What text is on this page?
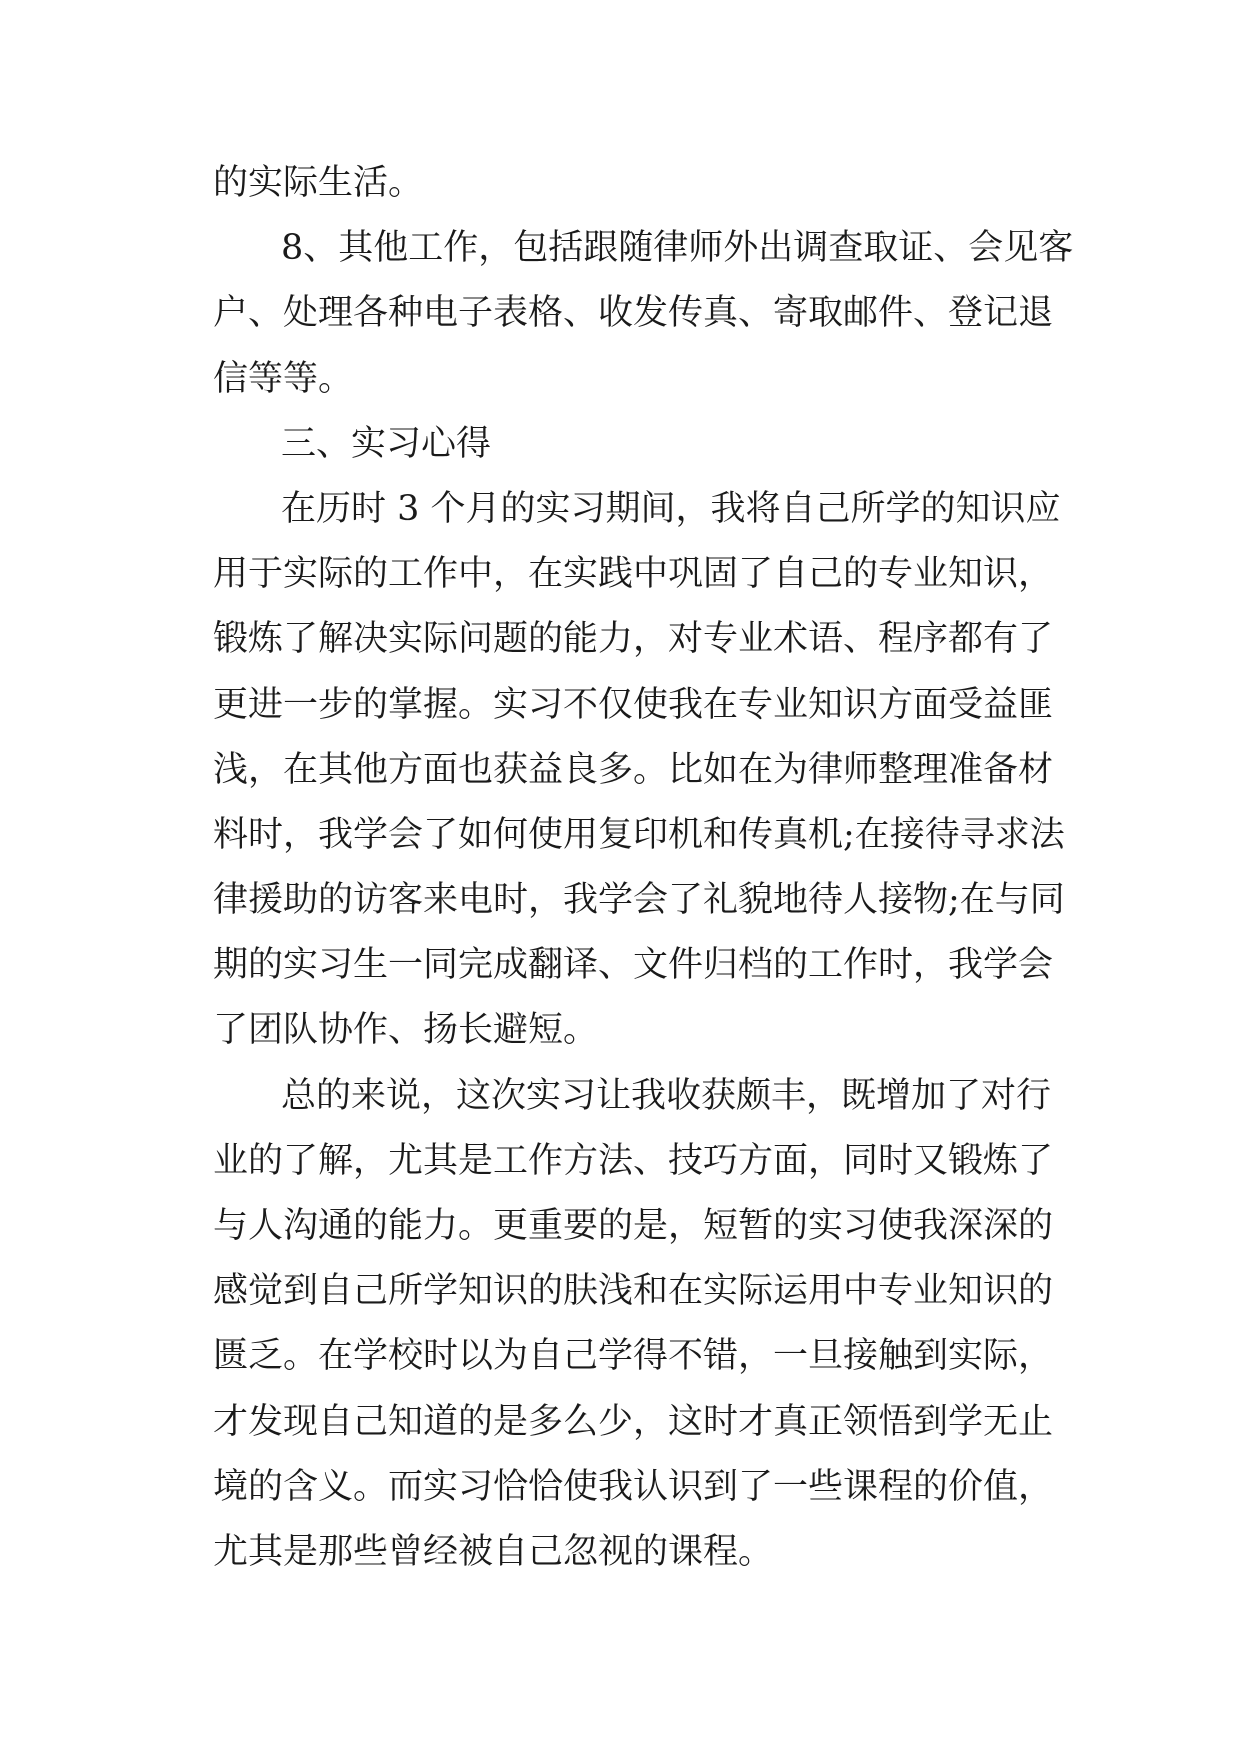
的实际生活。
8、其他工作，包括跟随律师外出调查取证、会见客
户、处理各种电子表格、收发传真、寄取邮件、登记退
信等等。
三、实习心得
在历时 3 个月的实习期间，我将自己所学的知识应
用于实际的工作中，在实践中巩固了自己的专业知识，
锻炼了解决实际问题的能力，对专业术语、程序都有了
更进一步的掌握。实习不仅使我在专业知识方面受益匪
浅，在其他方面也获益良多。比如在为律师整理准备材
料时，我学会了如何使用复印机和传真机;在接待寻求法
律援助的访客来电时，我学会了礼貌地待人接物;在与同
期的实习生一同完成翻译、文件归档的工作时，我学会
了团队协作、扬长避短。
总的来说，这次实习让我收获颇丰，既增加了对行
业的了解，尤其是工作方法、技巧方面，同时又锻炼了
与人沟通的能力。更重要的是，短暂的实习使我深深的
感觉到自己所学知识的肤浅和在实际运用中专业知识的
匮乏。在学校时以为自己学得不错，一旦接触到实际，
才发现自己知道的是多么少，这时才真正领悟到学无止
境的含义。而实习恰恰使我认识到了一些课程的价值，
尤其是那些曾经被自己忽视的课程。
